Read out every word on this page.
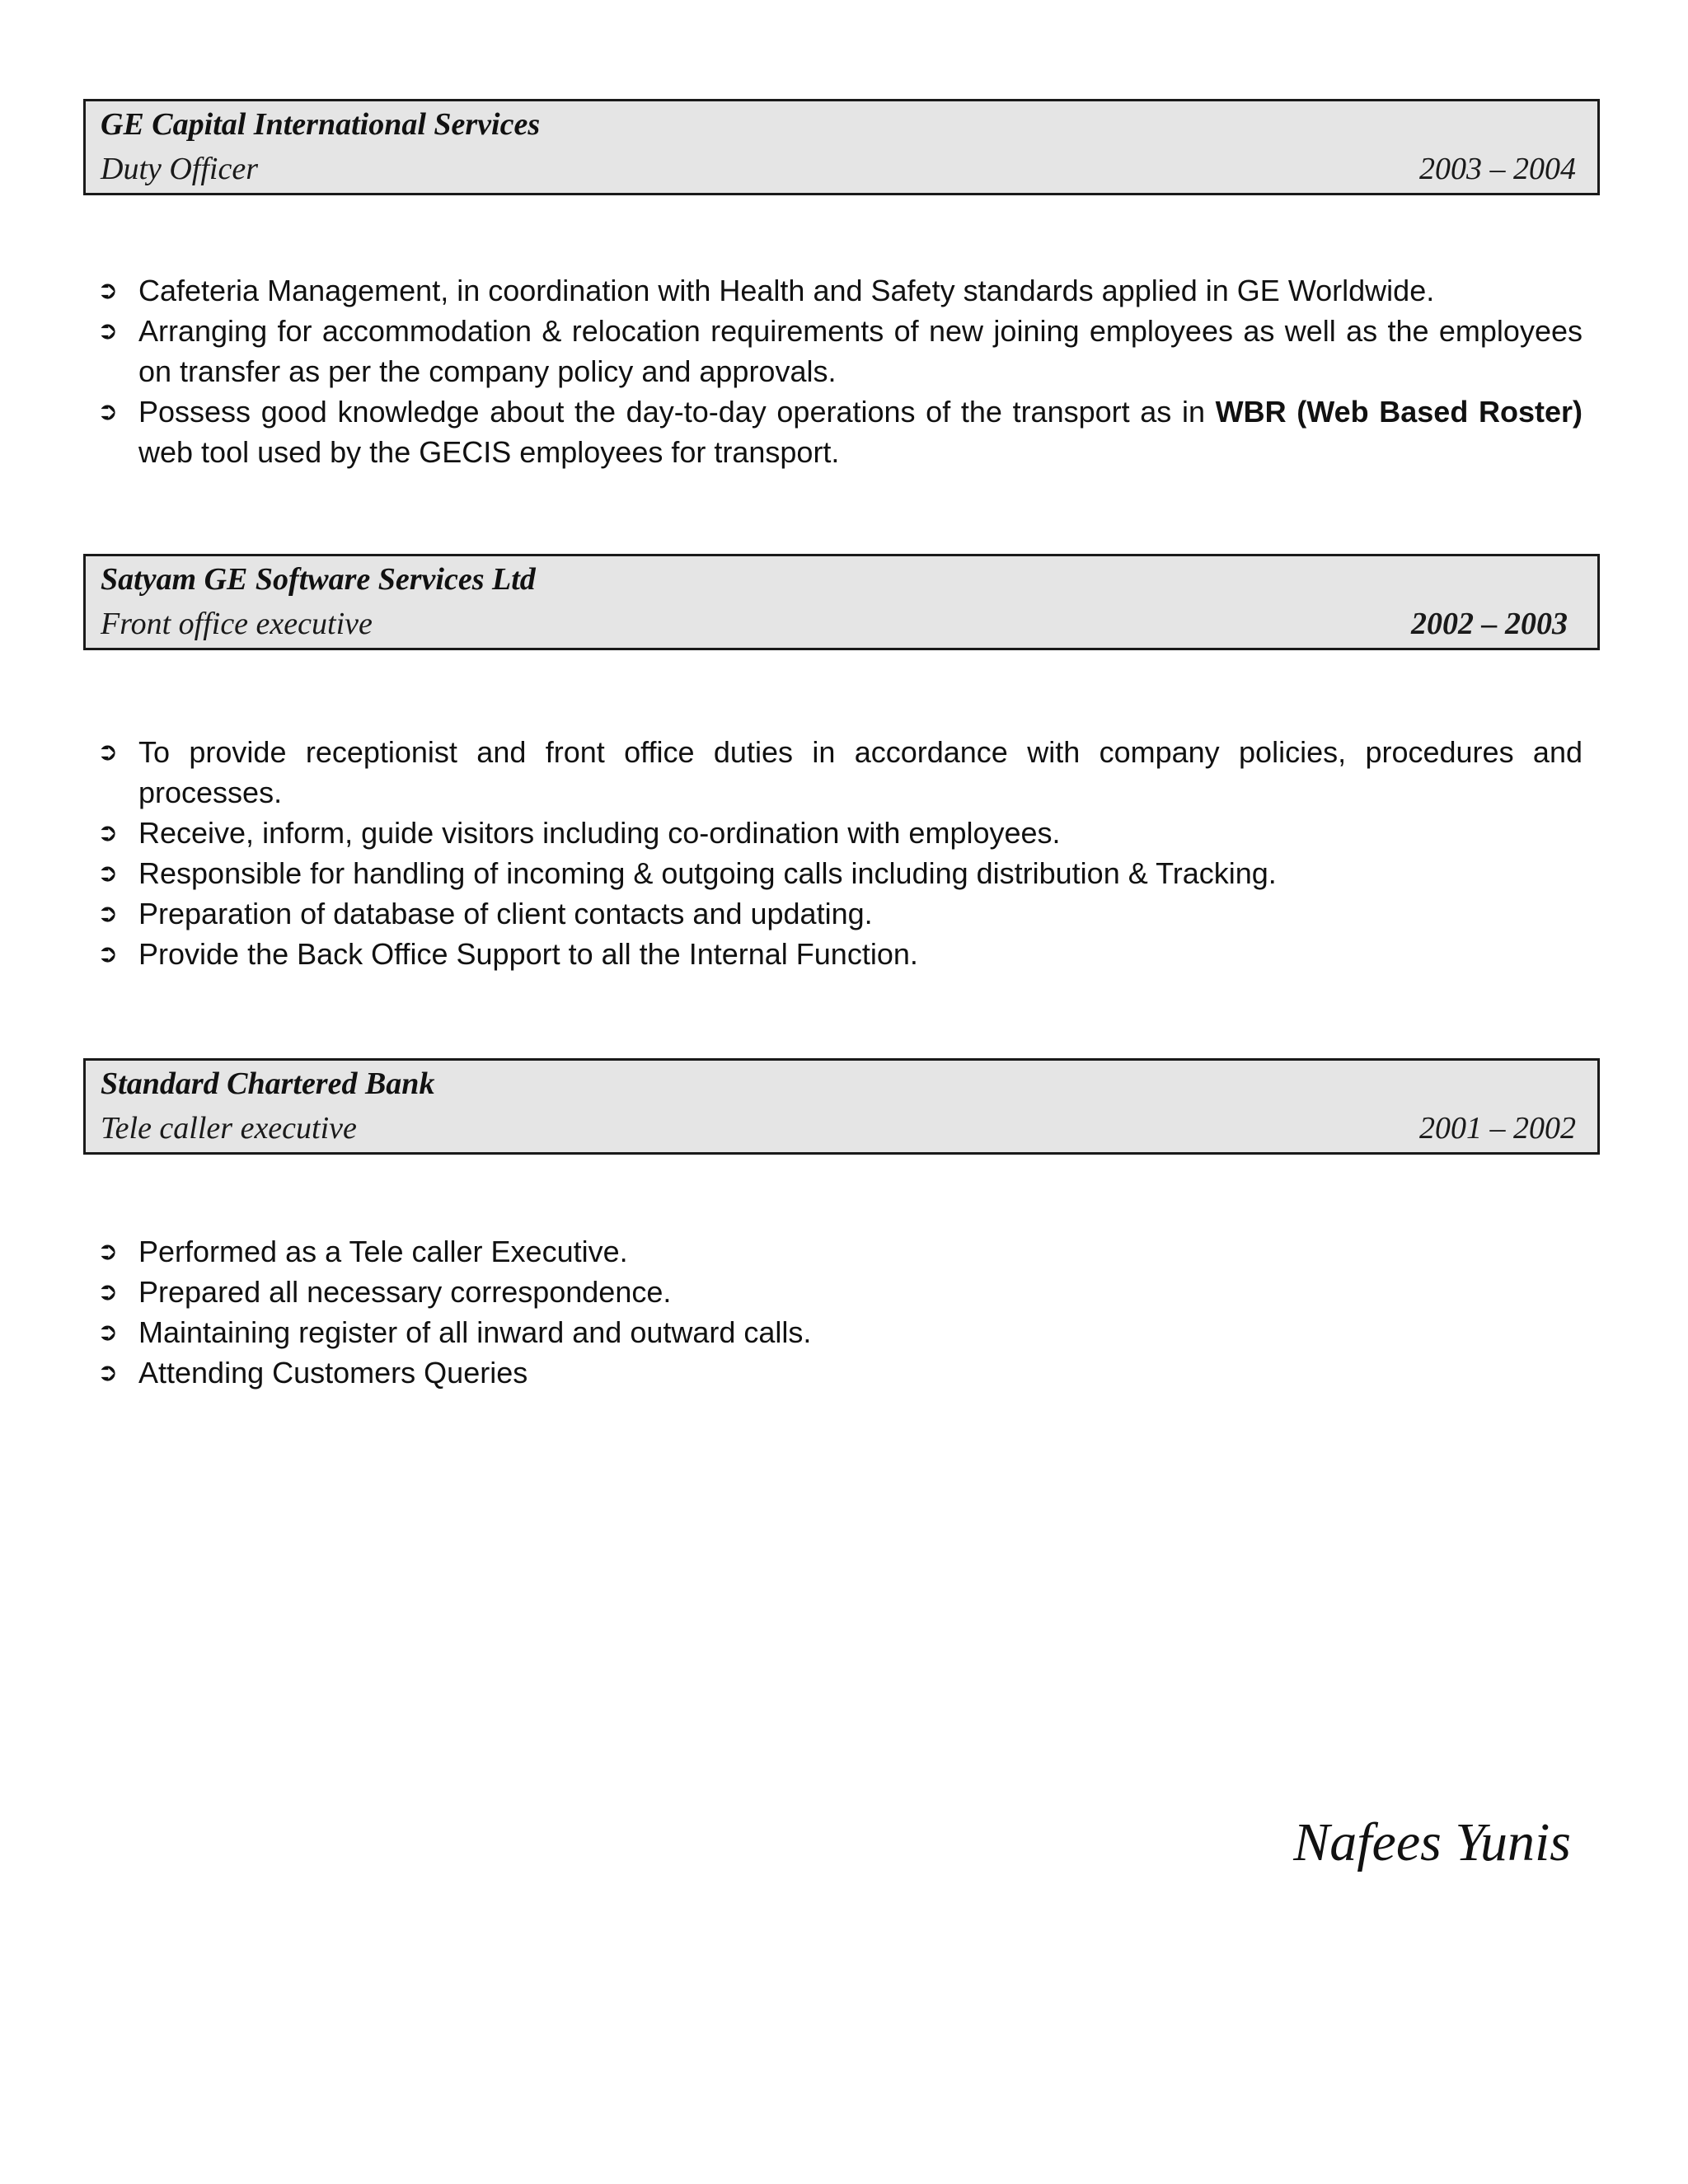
GE Capital International Services
Duty Officer	2003 – 2004
➲ Cafeteria Management, in coordination with Health and Safety standards applied in GE Worldwide.
➲ Arranging for accommodation & relocation requirements of new joining employees as well as the employees on transfer as per the company policy and approvals.
➲ Possess good knowledge about the day-to-day operations of the transport as in WBR (Web Based Roster) web tool used by the GECIS employees for transport.
Satyam GE Software Services Ltd
Front office executive	2002 – 2003
➲ To provide receptionist and front office duties in accordance with company policies, procedures and processes.
➲ Receive, inform, guide visitors including co-ordination with employees.
➲ Responsible for handling of incoming & outgoing calls including distribution & Tracking.
➲ Preparation of database of client contacts and updating.
➲ Provide the Back Office Support to all the Internal Function.
Standard Chartered Bank
Tele caller executive	2001 – 2002
➲ Performed as a Tele caller Executive.
➲ Prepared all necessary correspondence.
➲ Maintaining register of all inward and outward calls.
➲ Attending Customers Queries
Nafees Yunis
